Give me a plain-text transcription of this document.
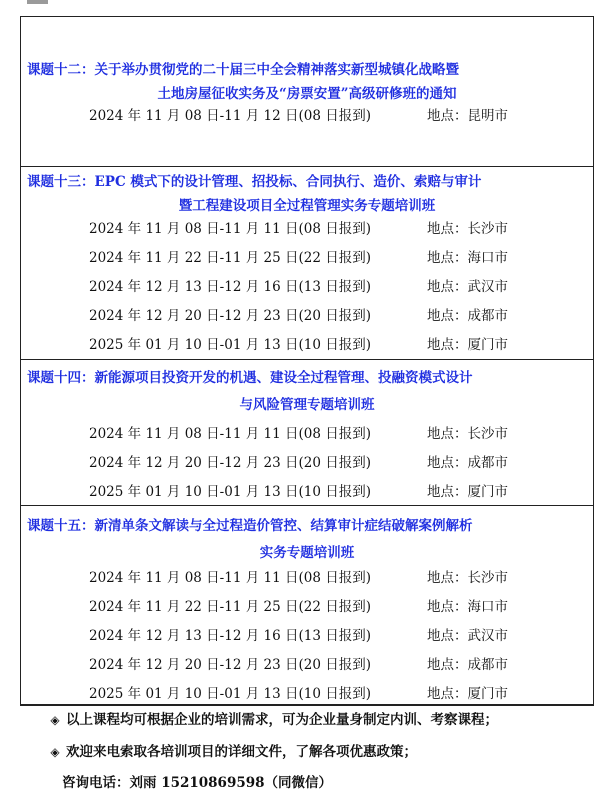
课题十二：关于举办贯彻党的二十届三中全会精神落实新型城镇化战略暨
土地房屋征收实务及“房票安置”高级研修班的通知
2024 年 11 月 08 日-11 月 12 日(08 日报到)	地点：昆明市
课题十三：EPC 模式下的设计管理、招投标、合同执行、造价、索赔与审计
暨工程建设项目全过程管理实务专题培训班
2024 年 11 月 08 日-11 月 11 日(08 日报到)	地点：长沙市
2024 年 11 月 22 日-11 月 25 日(22 日报到)	地点：海口市
2024 年 12 月 13 日-12 月 16 日(13 日报到)	地点：武汉市
2024 年 12 月 20 日-12 月 23 日(20 日报到)	地点：成都市
2025 年 01 月 10 日-01 月 13 日(10 日报到)	地点：厦门市
课题十四：新能源项目投资开发的机遇、建设全过程管理、投融资模式设计
与风险管理专题培训班
2024 年 11 月 08 日-11 月 11 日(08 日报到)	地点：长沙市
2024 年 12 月 20 日-12 月 23 日(20 日报到)	地点：成都市
2025 年 01 月 10 日-01 月 13 日(10 日报到)	地点：厦门市
课题十五：新清单条文解读与全过程造价管控、结算审计症结破解案例解析
实务专题培训班
2024 年 11 月 08 日-11 月 11 日(08 日报到)	地点：长沙市
2024 年 11 月 22 日-11 月 25 日(22 日报到)	地点：海口市
2024 年 12 月 13 日-12 月 16 日(13 日报到)	地点：武汉市
2024 年 12 月 20 日-12 月 23 日(20 日报到)	地点：成都市
2025 年 01 月 10 日-01 月 13 日(10 日报到)	地点：厦门市
◈ 以上课程均可根据企业的培训需求，可为企业量身制定内训、考察课程；
◈ 欢迎来电索取各培训项目的详细文件，了解各项优惠政策；
咨询电话：刘雨 15210869598（同微信）
